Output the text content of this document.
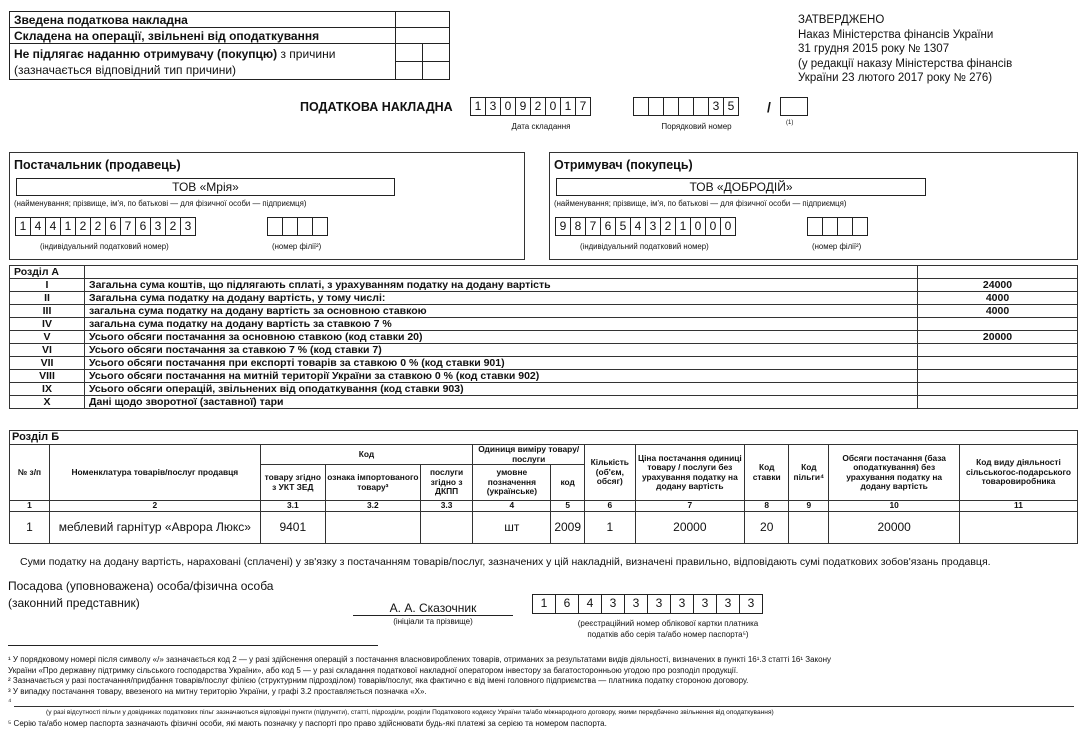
Зведена податкова накладна		
Складена на операції, звільнені від оподаткування		
Не підлягає наданню отримувачу (покупцю) з причини
(зазначається відповідний тип причини)		

ЗАТВЕРДЖЕНО
Наказ Міністерства фінансів України
31 грудня 2015 року № 1307
(у редакції наказу Міністерства фінансів
України 23 лютого 2017 року № 276)
ПОДАТКОВА НАКЛАДНА	1 3 0 9 2 0 1 7
Дата складання
3 5
Порядковий номер
/
(1)
Постачальник (продавець)
ТОВ «Мрія»
(найменування; прізвище, ім'я, по батькові — для фізичної особи — підприємця)
1 4 4 1 2 2 6 7 6 3 2 3
(індивідуальний податковий номер)	(номер філії²)
Отримувач (покупець)
ТОВ «ДОБРОДІЙ»
(найменування; прізвище, ім'я, по батькові — для фізичної особи — підприємця)
9 8 7 6 5 4 3 2 1 0 0 0
(індивідуальний податковий номер)	(номер філії²)
Розділ А		
I	Загальна сума коштів, що підлягають сплаті, з урахуванням податку на додану вартість	24000
II	Загальна сума податку на додану вартість, у тому числі:	4000
III	загальна сума податку на додану вартість за основною ставкою	4000
IV	загальна сума податку на додану вартість за ставкою 7 %	
V	Усього обсяги постачання за основною ставкою (код ставки 20)	20000
VI	Усього обсяги постачання за ставкою 7 % (код ставки 7)	
VII	Усього обсяги постачання при експорті товарів за ставкою 0 % (код ставки 901)	
VIII	Усього обсяги постачання на митній території України за ставкою 0 % (код ставки 902)	
IX	Усього обсяги операцій, звільнених від оподаткування (код ставки 903)	
X	Дані щодо зворотної (заставної) тари	
Розділ Б												
№ з/п	Номенклатура товарів/послуг продавця	Код			Одиниця виміру товару/послуги		Кількість (об'єм, обсяг)	Ціна постачання одиниці товару / послуги без урахування податку на додану вартість	Код ставки	Код пільги⁴	Обсяги постачання (база оподаткування) без урахування податку на додану вартість	Код виду діяльності сільськогос-подарського товаровиробника
		товару згідно з УКТ ЗЕД	ознака імпортованого товару³	послуги згідно з ДКПП	умовне позначення (українське)	код						
1	2	3.1	3.2	3.3	4	5	6	7	8	9	10	11
1	меблевий гарнітур «Аврора Люкс»	9401			шт	2009	1	20000	20		20000	
Суми податку на додану вартість, нараховані (сплачені) у зв'язку з постачанням товарів/послуг, зазначених у цій накладній, визначені правильно, відповідають сумі податкових зобов'язань продавця.
Посадова (уповноважена) особа/фізична особа
(законний представник)	А. А. Сказочник
(ініціали та прізвище)
1	6	4	3	3	3	3	3	3	3
(реєстраційний номер облікової картки платника
податків або серія та/або номер паспорта⁵)
¹ У порядковому номері після символу «/» зазначається код 2 — у разі здійснення операцій з постачання власновироблених товарів, отриманих за результатами видів діяльності, визначених в пункті 16¹.3 статті 16¹ Закону
України «Про державну підтримку сільського господарства України», або код 5 — у разі складання податкової накладної оператором інвестору за багатосторонньою угодою про розподіл продукції.
² Зазначається у разі постачання/придбання товарів/послуг філією (структурним підрозділом) товарів/послуг, яка фактично є від імені головного підприємства — платника податку стороною договору.
³ У випадку постачання товару, ввезеного на митну територію України, у графі 3.2 проставляється позначка «Х».
⁴
(у разі відсутності пільги у довідниках податкових пільг зазначаються відповідні пункти (підпункти), статті, підрозділи, розділи Податкового кодексу України та/або міжнародного договору, якими передбачено звільнення від оподаткування)
⁵ Серію та/або номер паспорта зазначають фізичні особи, які мають позначку у паспорті про право здійснювати будь-які платежі за серією та номером паспорта.
